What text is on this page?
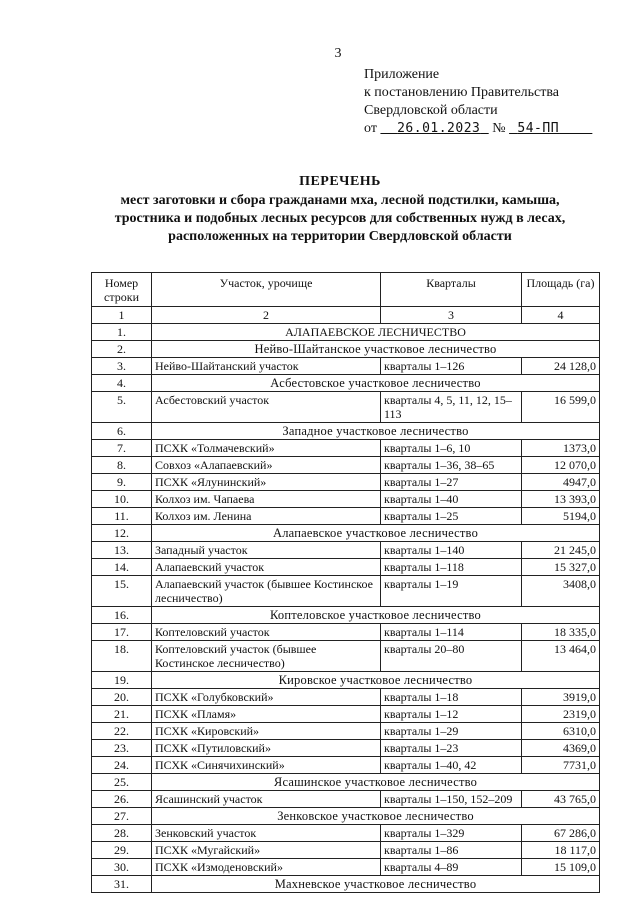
3
Приложение
к постановлению Правительства
Свердловской области
от 26.01.2023 № 54-ПП
ПЕРЕЧЕНЬ
мест заготовки и сбора гражданами мха, лесной подстилки, камыша,
тростника и подобных лесных ресурсов для собственных нужд в лесах,
расположенных на территории Свердловской области
Номер строки	Участок, урочище	Кварталы	Площадь (га)
1	2	3	4
1.	АЛАПАЕВСКОЕ ЛЕСНИЧЕСТВО		
2.	Нейво-Шайтанское участковое лесничество		
3.	Нейво-Шайтанский участок	кварталы 1–126	24 128,0
4.	Асбестовское участковое лесничество		
5.	Асбестовский участок	кварталы 4, 5, 11, 12, 15–113	16 599,0
6.	Западное участковое лесничество		
7.	ПСХК «Толмачевский»	кварталы 1–6, 10	1373,0
8.	Совхоз «Алапаевский»	кварталы 1–36, 38–65	12 070,0
9.	ПСХК «Ялунинский»	кварталы 1–27	4947,0
10.	Колхоз им. Чапаева	кварталы 1–40	13 393,0
11.	Колхоз им. Ленина	кварталы 1–25	5194,0
12.	Алапаевское участковое лесничество		
13.	Западный участок	кварталы 1–140	21 245,0
14.	Алапаевский участок	кварталы 1–118	15 327,0
15.	Алапаевский участок (бывшее Костинское лесничество)	кварталы 1–19	3408,0
16.	Коптеловское участковое лесничество		
17.	Коптеловский участок	кварталы 1–114	18 335,0
18.	Коптеловский участок (бывшее Костинское лесничество)	кварталы 20–80	13 464,0
19.	Кировское участковое лесничество		
20.	ПСХК «Голубковский»	кварталы 1–18	3919,0
21.	ПСХК «Пламя»	кварталы 1–12	2319,0
22.	ПСХК «Кировский»	кварталы 1–29	6310,0
23.	ПСХК «Путиловский»	кварталы 1–23	4369,0
24.	ПСХК «Синячихинский»	кварталы 1–40, 42	7731,0
25.	Ясашинское участковое лесничество		
26.	Ясашинский участок	кварталы 1–150, 152–209	43 765,0
27.	Зенковское участковое лесничество		
28.	Зенковский участок	кварталы 1–329	67 286,0
29.	ПСХК «Мугайский»	кварталы 1–86	18 117,0
30.	ПСХК «Измоденовский»	кварталы 4–89	15 109,0
31.	Махневское участковое лесничество		
